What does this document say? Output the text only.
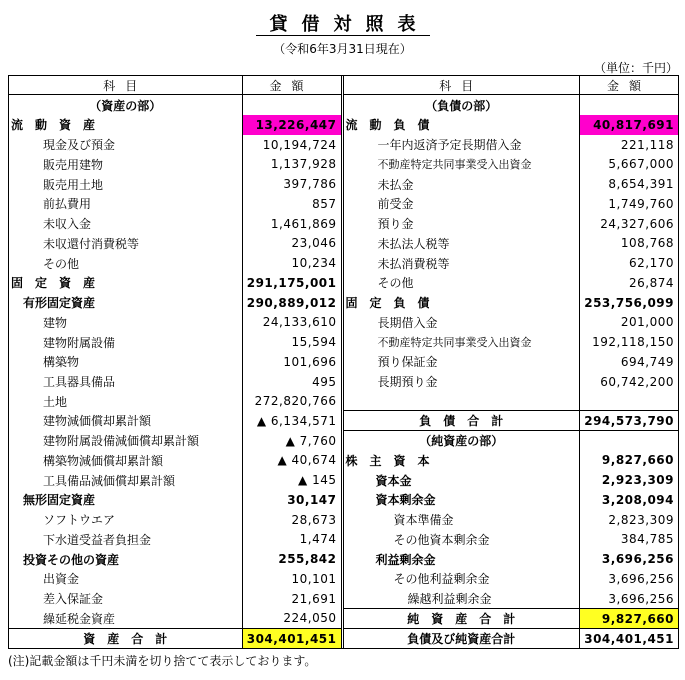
貸借対照表
（令和6年3月31日現在）
（単位：千円）
科目	金額
（資産の部）
流　動　資　産	13,226,447
現金及び預金	10,194,724
販売用建物	1,137,928
販売用土地	397,786
前払費用	857
未収入金	1,461,869
未収還付消費税等	23,046
その他	10,234
固　定　資　産	291,175,001
有形固定資産	290,889,012
建物	24,133,610
建物附属設備	15,594
構築物	101,696
工具器具備品	495
土地	272,820,766
建物減価償却累計額	▲ 6,134,571
建物附属設備減価償却累計額	▲ 7,760
構築物減価償却累計額	▲ 40,674
工具備品減価償却累計額	▲ 145
無形固定資産	30,147
ソフトウエア	28,673
下水道受益者負担金	1,474
投資その他の資産	255,842
出資金	10,101
差入保証金	21,691
繰延税金資産	224,050
資　産　合　計	304,401,451
科目	金額
（負債の部）
流　動　負　債	40,817,691
一年内返済予定長期借入金	221,118
不動産特定共同事業受入出資金	5,667,000
未払金	8,654,391
前受金	1,749,760
預り金	24,327,606
未払法人税等	108,768
未払消費税等	62,170
その他	26,874
固　定　負　債	253,756,099
長期借入金	201,000
不動産特定共同事業受入出資金	192,118,150
預り保証金	694,749
長期預り金	60,742,200
負　債　合　計	294,573,790
（純資産の部）
株　主　資　本	9,827,660
資本金	2,923,309
資本剰余金	3,208,094
資本準備金	2,823,309
その他資本剰余金	384,785
利益剰余金	3,696,256
その他利益剰余金	3,696,256
繰越利益剰余金	3,696,256
純　資　産　合　計	9,827,660
負債及び純資産合計	304,401,451
(注)記載金額は千円未満を切り捨てて表示しております。
